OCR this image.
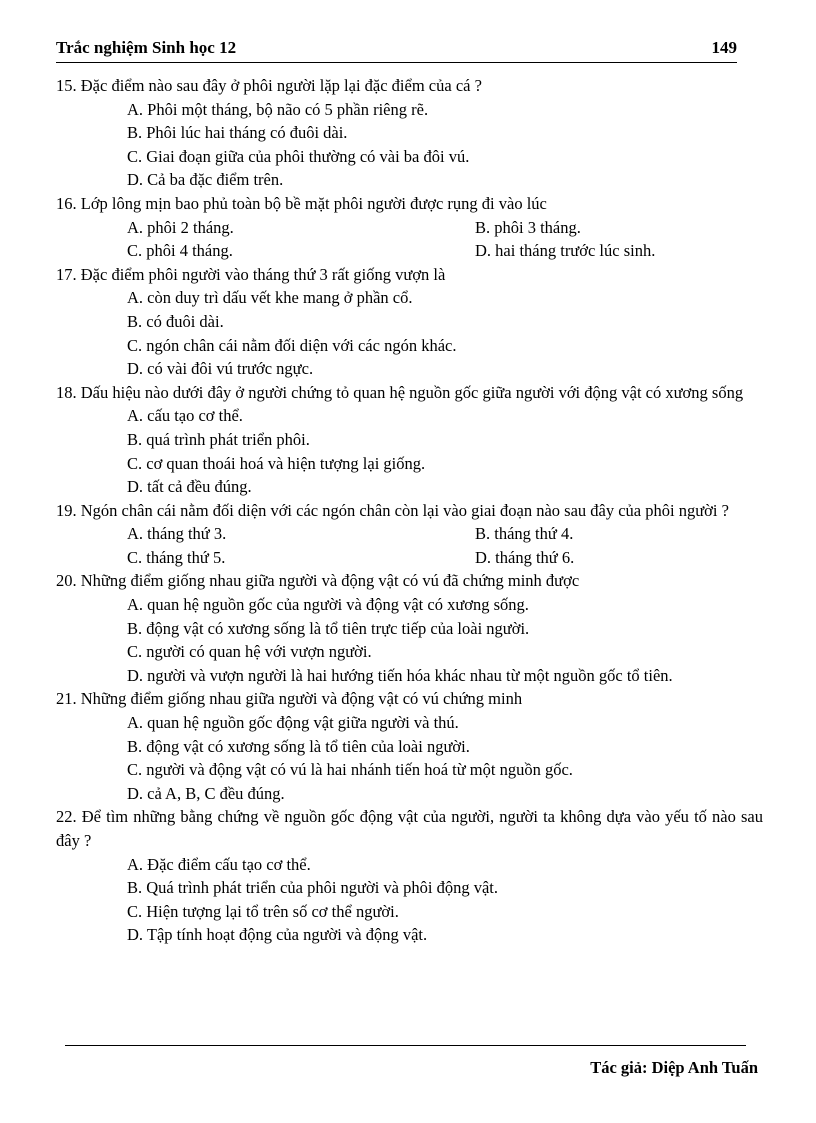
Trắc nghiệm Sinh học 12	149

15. Đặc điểm nào sau đây ở phôi người lặp lại đặc điểm của cá ?

A. Phôi một tháng, bộ não có 5 phần riêng rẽ.
B. Phôi lúc hai tháng có đuôi dài.
C. Giai đoạn giữa của phôi thường có vài ba đôi vú.
D. Cả ba đặc điểm trên.

16. Lớp lông mịn bao phủ toàn bộ bề mặt phôi người được rụng đi vào lúc

A. phôi 2 tháng.	B. phôi 3 tháng.
C. phôi 4 tháng.	D. hai tháng trước lúc sinh.

17. Đặc điểm phôi người vào tháng thứ 3 rất giống vượn là

A. còn duy trì dấu vết khe mang ở phần cổ.
B. có đuôi dài.
C. ngón chân cái nằm đối diện với các ngón khác.
D. có vài đôi vú trước ngực.

18. Dấu hiệu nào dưới đây ở người chứng tỏ quan hệ nguồn gốc giữa người với động vật có xương sống

A. cấu tạo cơ thể.
B. quá trình phát triển phôi.
C. cơ quan thoái hoá và hiện tượng lại giống.
D. tất cả đều đúng.

19. Ngón chân cái nằm đối diện với các ngón chân còn lại vào giai đoạn nào sau đây của phôi người ?

A. tháng thứ 3.	B. tháng thứ 4.
C. tháng thứ 5.	D. tháng thứ 6.

20. Những điểm giống nhau giữa người và động vật có vú đã chứng minh được

A. quan hệ nguồn gốc của người và động vật có xương sống.
B. động vật có xương sống là tổ tiên trực tiếp của loài người.
C. người có quan hệ với vượn người.

D. người và vượn người là hai hướng tiến hóa khác nhau từ một nguồn gốc tổ tiên.

21. Những điểm giống nhau giữa người và động vật có vú chứng minh

A. quan hệ nguồn gốc động vật giữa người và thú.
B. động vật có xương sống là tổ tiên của loài người.
C. người và động vật có vú là hai nhánh tiến hoá từ một nguồn gốc.
D. cả A, B, C đều đúng.

22. Để tìm những bằng chứng về nguồn gốc động vật của người, người ta không dựa vào yếu tố nào sau đây ?

A. Đặc điểm cấu tạo cơ thể.
B. Quá trình phát triển của phôi người và phôi động vật.
C. Hiện tượng lại tổ trên số cơ thể người.
D. Tập tính hoạt động của người và động vật.
Tác giả: Diệp Anh Tuấn
